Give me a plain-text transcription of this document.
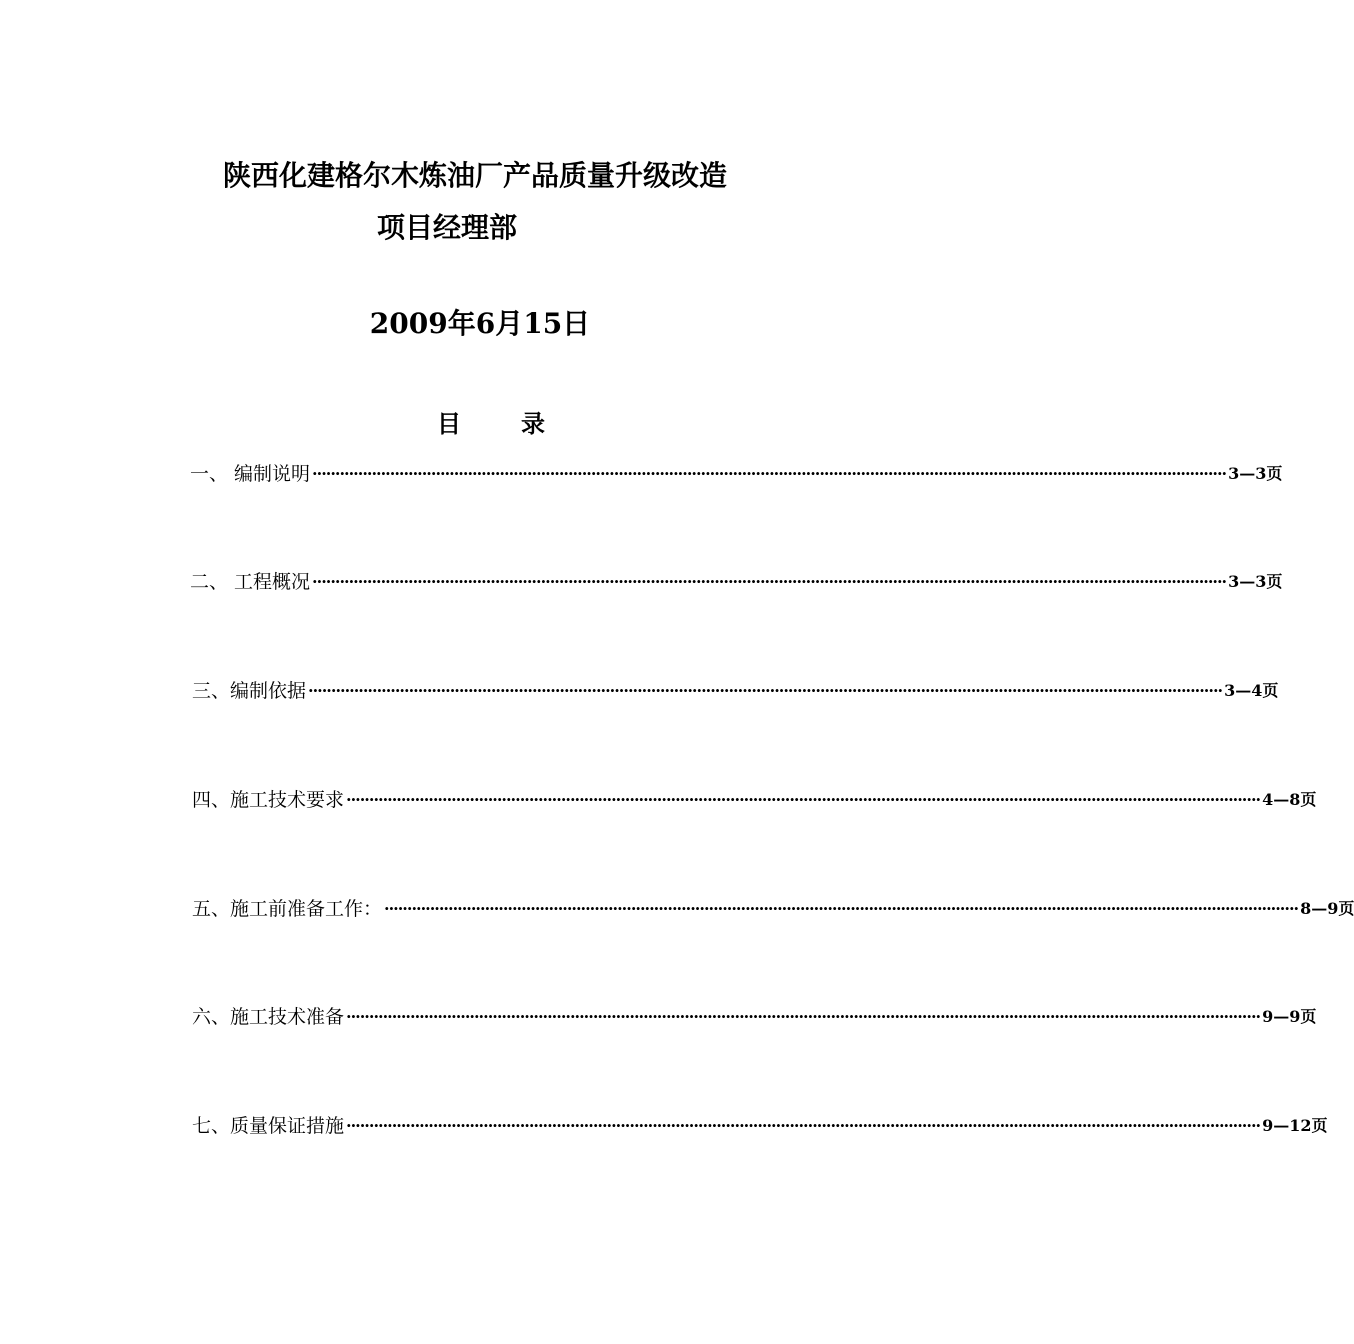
陕西化建格尔木炼油厂产品质量升级改造
项目经理部
2009年6月15日
目	录
一、 编制说明 ········································································································································································································ 3—3页
二、 工程概况 ········································································································································································································ 3—3页
三、编制依据 ········································································································································································································ 3—4页
四、施工技术要求 ········································································································································································································ 4—8页
五、施工前准备工作： ········································································································································································································ 8—9页
六、施工技术准备 ········································································································································································································ 9—9页
七、质量保证措施 ········································································································································································································ 9—12页
